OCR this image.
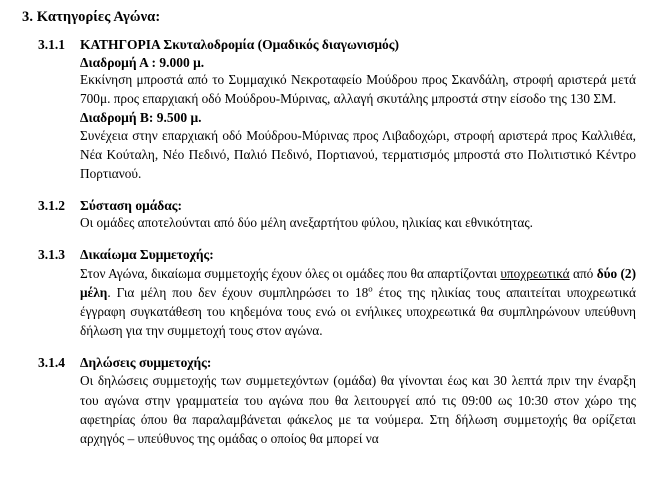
3. Κατηγορίες Αγώνα:
3.1.1 ΚΑΤΗΓΟΡΙΑ Σκυταλοδρομία (Ομαδικός διαγωνισμός)

Διαδρομή Α : 9.000 μ.

Εκκίνηση μπροστά από το Συμμαχικό Νεκροταφείο Μούδρου προς Σκανδάλη, στροφή αριστερά μετά 700μ. προς επαρχιακή οδό Μούδρου-Μύρινας, αλλαγή σκυτάλης μπροστά στην είσοδο της 130 ΣΜ.

Διαδρομή Β: 9.500 μ.

Συνέχεια στην επαρχιακή οδό Μούδρου-Μύρινας προς Λιβαδοχώρι, στροφή αριστερά προς Καλλιθέα, Νέα Κούταλη, Νέο Πεδινό, Παλιό Πεδινό, Πορτιανού, τερματισμός μπροστά στο Πολιτιστικό Κέντρο Πορτιανού.

3.1.2 Σύσταση ομάδας:

Οι ομάδες αποτελούνται από δύο μέλη ανεξαρτήτου φύλου, ηλικίας και εθνικότητας.

3.1.3 Δικαίωμα Συμμετοχής:

Στον Αγώνα, δικαίωμα συμμετοχής έχουν όλες οι ομάδες που θα απαρτίζονται υποχρεωτικά από δύο (2) μέλη. Για μέλη που δεν έχουν συμπληρώσει το $18^o$ έτος της ηλικίας τους απαιτείται υποχρεωτικά έγγραφη συγκατάθεση του κηδεμόνα τους ενώ οι ενήλικες υποχρεωτικά θα συμπληρώνουν υπεύθυνη δήλωση για την συμμετοχή τους στον αγώνα.

3.1.4 Δηλώσεις συμμετοχής:

Οι δηλώσεις συμμετοχής των συμμετεχόντων (ομάδα) θα γίνονται έως και 30 λεπτά πριν την έναρξη του αγώνα στην γραμματεία του αγώνα που θα λειτουργεί από τις 09:00 ως 10:30 στον χώρο της αφετηρίας όπου θα παραλαμβάνεται φάκελος με τα νούμερα. Στη δήλωση συμμετοχής θα ορίζεται αρχηγός – υπεύθυνος της ομάδας ο οποίος θα μπορεί να
